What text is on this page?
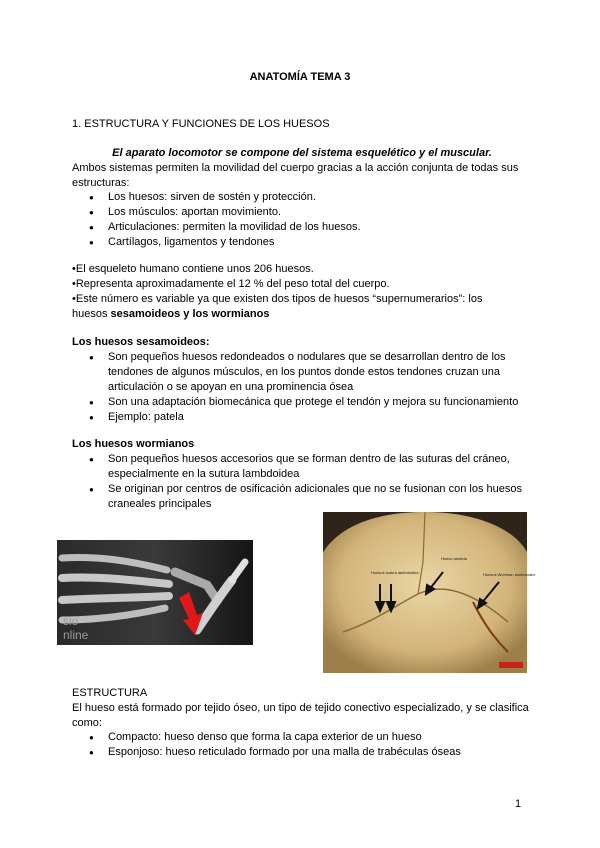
ANATOMÍA TEMA 3
1. ESTRUCTURA Y FUNCIONES DE LOS HUESOS
El aparato locomotor se compone del sistema esquelético y el muscular.
Ambos sistemas permiten la movilidad del cuerpo gracias a la acción conjunta de todas sus estructuras:
● Los huesos: sirven de sostén y protección.
● Los músculos: aportan movimiento.
● Articulaciones: permiten la movilidad de los huesos.
● Cartílagos, ligamentos y tendones
•El esqueleto humano contiene unos 206 huesos.
•Representa aproximadamente el 12 % del peso total del cuerpo.
•Este número es variable ya que existen dos tipos de huesos “supernumerarios”: los
huesos sesamoideos y los wormianos
Los huesos sesamoideos:
● Son pequeños huesos redondeados o nodulares que se desarrollan dentro de los tendones de algunos músculos, en los puntos donde estos tendones cruzan una articulación o se apoyan en una prominencia ósea
● Son una adaptación biomecánica que protege el tendón y mejora su funcionamiento
● Ejemplo: patela
Los huesos wormianos
● Son pequeños huesos accesorios que se forman dentro de las suturas del cráneo, especialmente en la sutura lambdoidea
● Se originan por centros de osificación adicionales que no se fusionan con los huesos craneales principales
sio
nline
Hueso lambda
Huesos sutura lambdoidea	Huesos Wormian lambdoideo
ESTRUCTURA
El hueso está formado por tejido óseo, un tipo de tejido conectivo especializado, y se clasifica como:
● Compacto: hueso denso que forma la capa exterior de un hueso
● Esponjoso: hueso reticulado formado por una malla de trabéculas óseas
1
